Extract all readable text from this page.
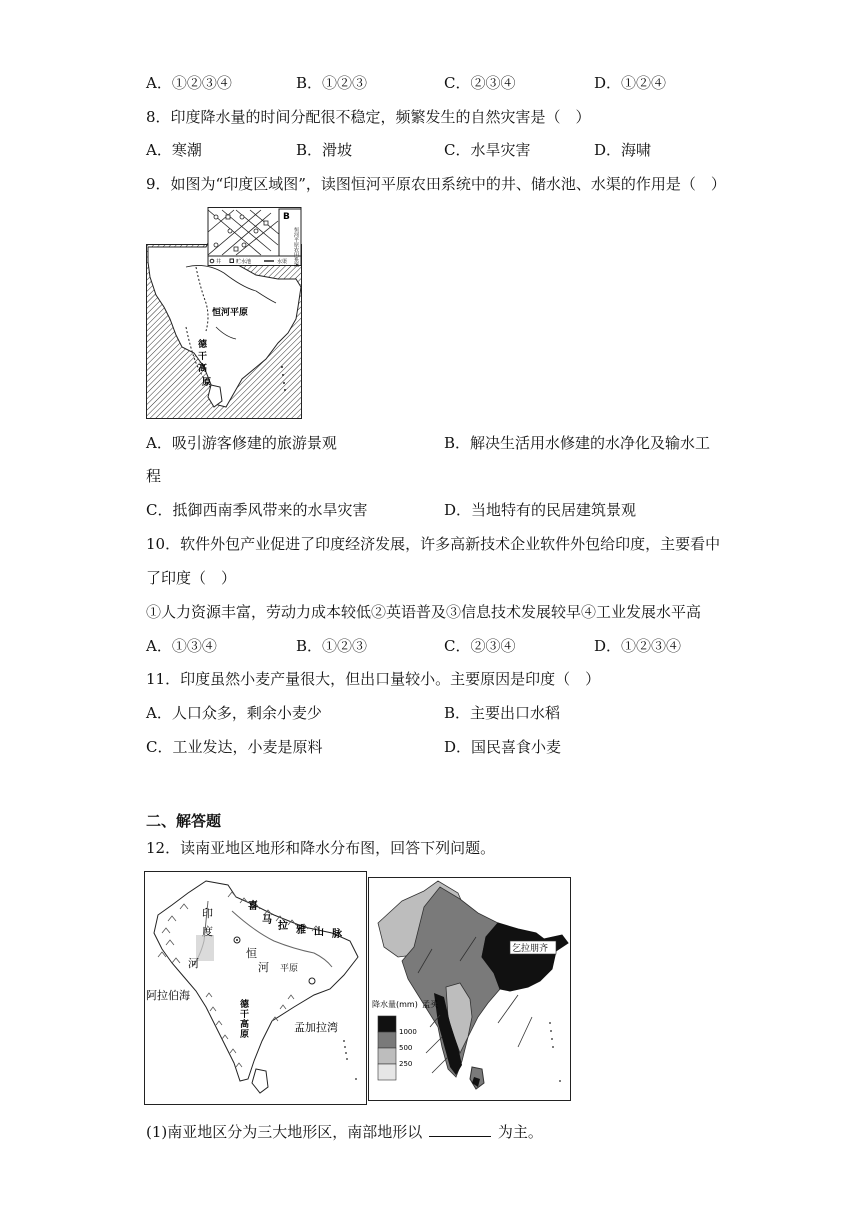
A．①②③④	B．①②③	C．②③④	D．①②④
8．印度降水量的时间分配很不稳定，频繁发生的自然灾害是（　）
A．寒潮	B．滑坡	C．水旱灾害	D．海啸
9．如图为“印度区域图”，读图恒河平原农田系统中的井、储水池、水渠的作用是（　）
B
恒河平原农田系统
井	贮水池	水渠
恒河平原
德
干
高
原
A．吸引游客修建的旅游景观	B．解决生活用水修建的水净化及输水工
程
C．抵御西南季风带来的水旱灾害	D．当地特有的民居建筑景观
10．软件外包产业促进了印度经济发展，许多高新技术企业软件外包给印度，主要看中
了印度（　）
①人力资源丰富，劳动力成本较低②英语普及③信息技术发展较早④工业发展水平高
A．①③④	B．①②③	C．②③④	D．①②③④
11．印度虽然小麦产量很大，但出口量较小。主要原因是印度（　）
A．人口众多，剩余小麦少	B．主要出口水稻
C．工业发达，小麦是原料	D．国民喜食小麦
二、解答题
12．读南亚地区地形和降水分布图，回答下列问题。
喜
马
拉 雅 山 脉
印
度
河
恒
河 平原
阿拉伯海
孟加拉湾
德
干
高
原
乞拉朋齐
孟买
降水量(mm)
1000
500
250
(1)南亚地区分为三大地形区，南部地形以	为主。
